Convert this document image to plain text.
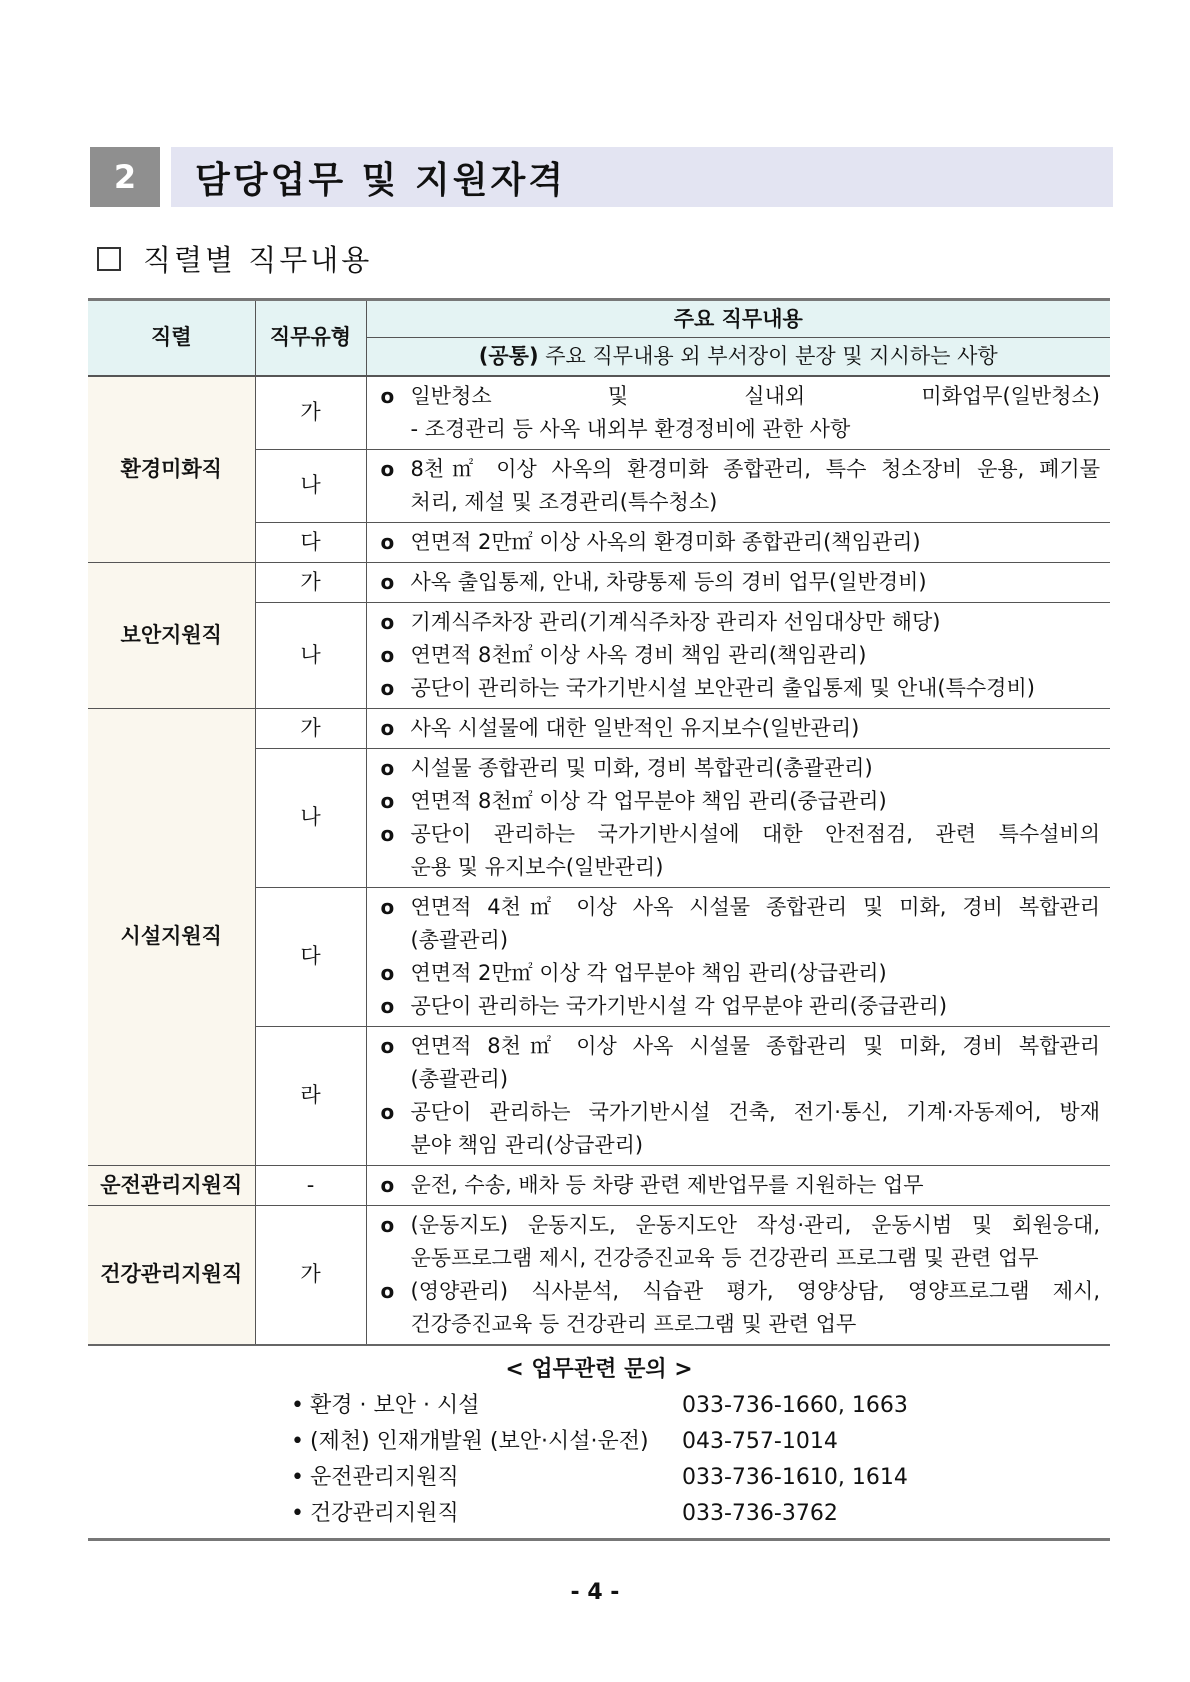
2	담당업무 및 지원자격
직렬별 직무내용
직렬	직무유형	주요 직무내용
		(공통) 주요 직무내용 외 부서장이 분장 및 지시하는 사항
환경미화직	가	o 일반청소 및 실내외 미화업무(일반청소)
- 조경관리 등 사옥 내외부 환경정비에 관한 사항

	나	o 8천㎡ 이상 사옥의 환경미화 종합관리, 특수 청소장비 운용, 폐기물
처리, 제설 및 조경관리(특수청소)

	다	o 연면적 2만㎡ 이상 사옥의 환경미화 종합관리(책임관리)

보안지원직	가	o 사옥 출입통제, 안내, 차량통제 등의 경비 업무(일반경비)

	나	o 기계식주차장 관리(기계식주차장 관리자 선임대상만 해당)
o 연면적 8천㎡ 이상 사옥 경비 책임 관리(책임관리)
o 공단이 관리하는 국가기반시설 보안관리 출입통제 및 안내(특수경비)

시설지원직	가	o 사옥 시설물에 대한 일반적인 유지보수(일반관리)

	나	o 시설물 종합관리 및 미화, 경비 복합관리(총괄관리)
o 연면적 8천㎡ 이상 각 업무분야 책임 관리(중급관리)
o 공단이 관리하는 국가기반시설에 대한 안전점검, 관련 특수설비의
운용 및 유지보수(일반관리)

	다	o 연면적 4천㎡ 이상 사옥 시설물 종합관리 및 미화, 경비 복합관리
(총괄관리)
o 연면적 2만㎡ 이상 각 업무분야 책임 관리(상급관리)
o 공단이 관리하는 국가기반시설 각 업무분야 관리(중급관리)

	라	o 연면적 8천㎡ 이상 사옥 시설물 종합관리 및 미화, 경비 복합관리
(총괄관리)
o 공단이 관리하는 국가기반시설 건축, 전기·통신, 기계·자동제어, 방재
분야 책임 관리(상급관리)

운전관리지원직	-	o 운전, 수송, 배차 등 차량 관련 제반업무를 지원하는 업무

건강관리지원직	가	o (운동지도) 운동지도, 운동지도안 작성·관리, 운동시범 및 회원응대,
운동프로그램 제시, 건강증진교육 등 건강관리 프로그램 및 관련 업무
o (영양관리) 식사분석, 식습관 평가, 영양상담, 영양프로그램 제시,
건강증진교육 등 건강관리 프로그램 및 관련 업무
< 업무관련 문의 >
• 환경 · 보안 · 시설	033-736-1660, 1663
• (제천) 인재개발원 (보안·시설·운전) 043-757-1014
• 운전관리지원직	033-736-1610, 1614
• 건강관리지원직	033-736-3762
- 4 -
